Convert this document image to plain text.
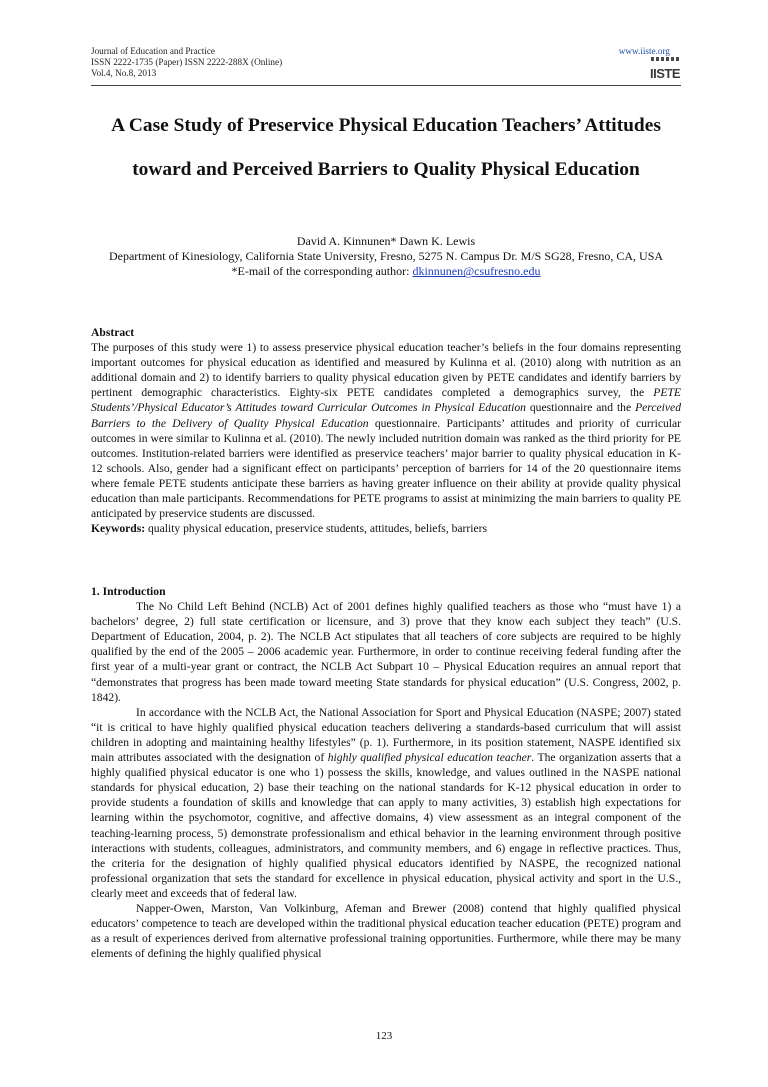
Journal of Education and Practice
ISSN 2222-1735 (Paper) ISSN 2222-288X (Online)
Vol.4, No.8, 2013
www.iiste.org
IISTE
A Case Study of Preservice Physical Education Teachers’ Attitudes toward and Perceived Barriers to Quality Physical Education
David A. Kinnunen* Dawn K. Lewis
Department of Kinesiology, California State University, Fresno, 5275 N. Campus Dr. M/S SG28, Fresno, CA, USA
*E-mail of the corresponding author: dkinnunen@csufresno.edu
Abstract
The purposes of this study were 1) to assess preservice physical education teacher’s beliefs in the four domains representing important outcomes for physical education as identified and measured by Kulinna et al. (2010) along with nutrition as an additional domain and 2) to identify barriers to quality physical education given by PETE candidates and identify barriers by pertinent demographic characteristics. Eighty-six PETE candidates completed a demographics survey, the PETE Students’/Physical Educator’s Attitudes toward Curricular Outcomes in Physical Education questionnaire and the Perceived Barriers to the Delivery of Quality Physical Education questionnaire. Participants’ attitudes and priority of curricular outcomes in were similar to Kulinna et al. (2010). The newly included nutrition domain was ranked as the third priority for PE outcomes. Institution-related barriers were identified as preservice teachers’ major barrier to quality physical education in K-12 schools. Also, gender had a significant effect on participants’ perception of barriers for 14 of the 20 questionnaire items where female PETE students anticipate these barriers as having greater influence on their ability at provide quality physical education than male participants. Recommendations for PETE programs to assist at minimizing the main barriers to quality PE anticipated by preservice students are discussed.
Keywords: quality physical education, preservice students, attitudes, beliefs, barriers
1. Introduction
The No Child Left Behind (NCLB) Act of 2001 defines highly qualified teachers as those who “must have 1) a bachelors’ degree, 2) full state certification or licensure, and 3) prove that they know each subject they teach” (U.S. Department of Education, 2004, p. 2). The NCLB Act stipulates that all teachers of core subjects are required to be highly qualified by the end of the 2005 – 2006 academic year. Furthermore, in order to continue receiving federal funding after the first year of a multi-year grant or contract, the NCLB Act Subpart 10 – Physical Education requires an annual report that “demonstrates that progress has been made toward meeting State standards for physical education” (U.S. Congress, 2002, p. 1842).
In accordance with the NCLB Act, the National Association for Sport and Physical Education (NASPE; 2007) stated “it is critical to have highly qualified physical education teachers delivering a standards-based curriculum that will assist children in adopting and maintaining healthy lifestyles” (p. 1). Furthermore, in its position statement, NASPE identified six main attributes associated with the designation of highly qualified physical education teacher. The organization asserts that a highly qualified physical educator is one who 1) possess the skills, knowledge, and values outlined in the NASPE national standards for physical education, 2) base their teaching on the national standards for K-12 physical education in order to provide students a foundation of skills and knowledge that can apply to many activities, 3) establish high expectations for learning within the psychomotor, cognitive, and affective domains, 4) view assessment as an integral component of the teaching-learning process, 5) demonstrate professionalism and ethical behavior in the learning environment through positive interactions with students, colleagues, administrators, and community members, and 6) engage in reflective practices. Thus, the criteria for the designation of highly qualified physical educators identified by NASPE, the recognized national professional organization that sets the standard for excellence in physical education, physical activity and sport in the U.S., clearly meet and exceeds that of federal law.
Napper-Owen, Marston, Van Volkinburg, Afeman and Brewer (2008) contend that highly qualified physical educators’ competence to teach are developed within the traditional physical education teacher education (PETE) program and as a result of experiences derived from alternative professional training opportunities. Furthermore, while there may be many elements of defining the highly qualified physical
123
